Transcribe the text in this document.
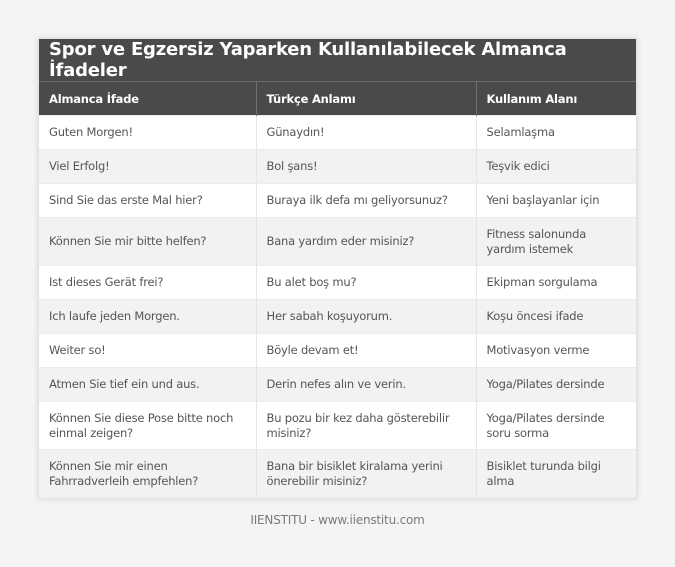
Spor ve Egzersiz Yaparken Kullanılabilecek Almanca İfadeler
Almanca İfade	Türkçe Anlamı	Kullanım Alanı
Guten Morgen!	Günaydın!	Selamlaşma
Viel Erfolg!	Bol şans!	Teşvik edici
Sind Sie das erste Mal hier?	Buraya ilk defa mı geliyorsunuz?	Yeni başlayanlar için
Können Sie mir bitte helfen?	Bana yardım eder misiniz?	Fitness salonunda yardım istemek
Ist dieses Gerät frei?	Bu alet boş mu?	Ekipman sorgulama
Ich laufe jeden Morgen.	Her sabah koşuyorum.	Koşu öncesi ifade
Weiter so!	Böyle devam et!	Motivasyon verme
Atmen Sie tief ein und aus.	Derin nefes alın ve verin.	Yoga/Pilates dersinde
Können Sie diese Pose bitte noch einmal zeigen?	Bu pozu bir kez daha gösterebilir misiniz?	Yoga/Pilates dersinde soru sorma
Können Sie mir einen Fahrradverleih empfehlen?	Bana bir bisiklet kiralama yerini önerebilir misiniz?	Bisiklet turunda bilgi alma
IIENSTITU - www.iienstitu.com
